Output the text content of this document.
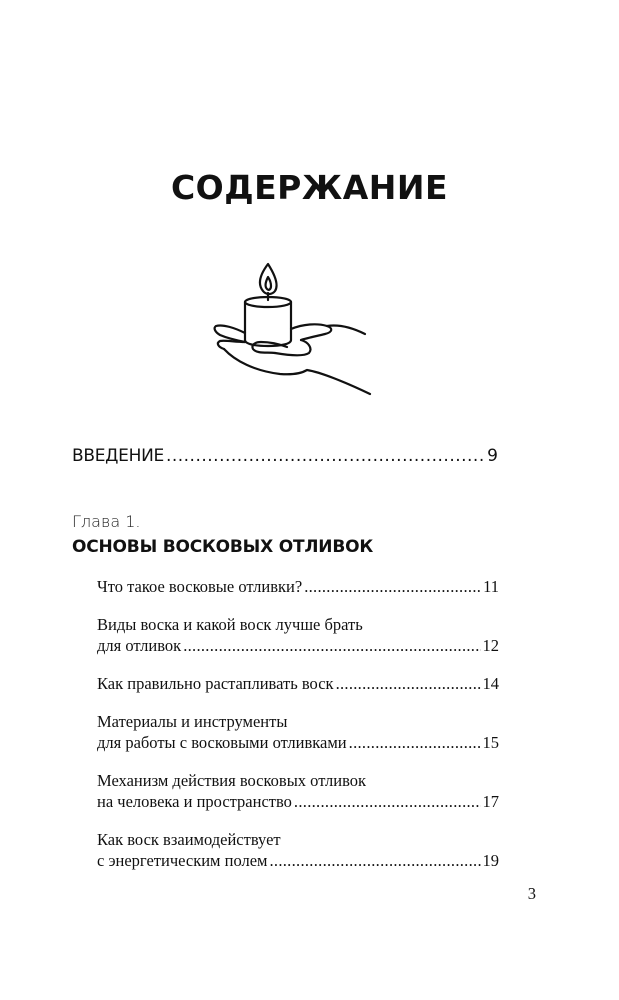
СОДЕРЖАНИЕ
ВВЕДЕНИЕ .....	9
Глава 1.
ОСНОВЫ ВОСКОВЫХ ОТЛИВОК
Что такое восковые отливки? .....	11
Виды воска и какой воск лучше брать
для отливок .....	12
Как правильно растапливать воск .....	14
Материалы и инструменты
для работы с восковыми отливками .....	15
Механизм действия восковых отливок
на человека и пространство .....	17
Как воск взаимодействует
с энергетическим полем .....	19
3
